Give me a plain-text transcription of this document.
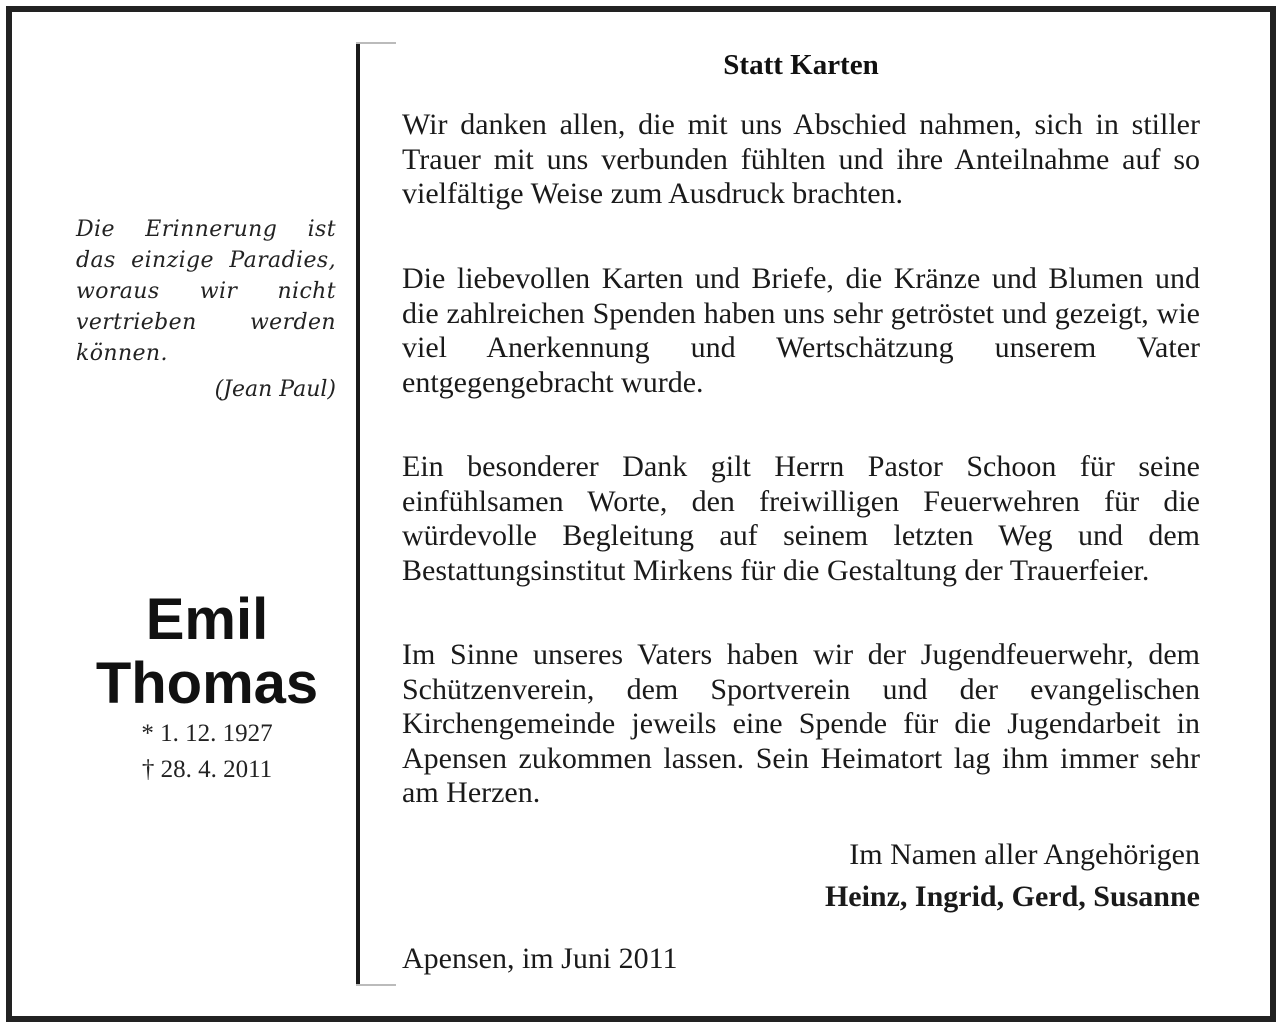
Die Erinnerung ist das einzige Paradies, woraus wir nicht vertrieben werden können.
(Jean Paul)
Emil
Thomas
* 1. 12. 1927
† 28. 4. 2011
Statt Karten

Wir danken allen, die mit uns Abschied nahmen, sich in stiller Trauer mit uns verbunden fühlten und ihre Anteilnahme auf so vielfältige Weise zum Ausdruck brachten.

Die liebevollen Karten und Briefe, die Kränze und Blumen und die zahlreichen Spenden haben uns sehr getröstet und gezeigt, wie viel Anerkennung und Wertschätzung unserem Vater entgegengebracht wurde.

Ein besonderer Dank gilt Herrn Pastor Schoon für seine einfühlsamen Worte, den freiwilligen Feuerwehren für die würdevolle Begleitung auf seinem letzten Weg und dem Bestattungsinstitut Mirkens für die Gestaltung der Trauerfeier.

Im Sinne unseres Vaters haben wir der Jugendfeuerwehr, dem Schützenverein, dem Sportverein und der evangelischen Kirchengemeinde jeweils eine Spende für die Jugendarbeit in Apensen zukommen lassen. Sein Heimatort lag ihm immer sehr am Herzen.

Im Namen aller Angehörigen
Heinz, Ingrid, Gerd, Susanne
Apensen, im Juni 2011
